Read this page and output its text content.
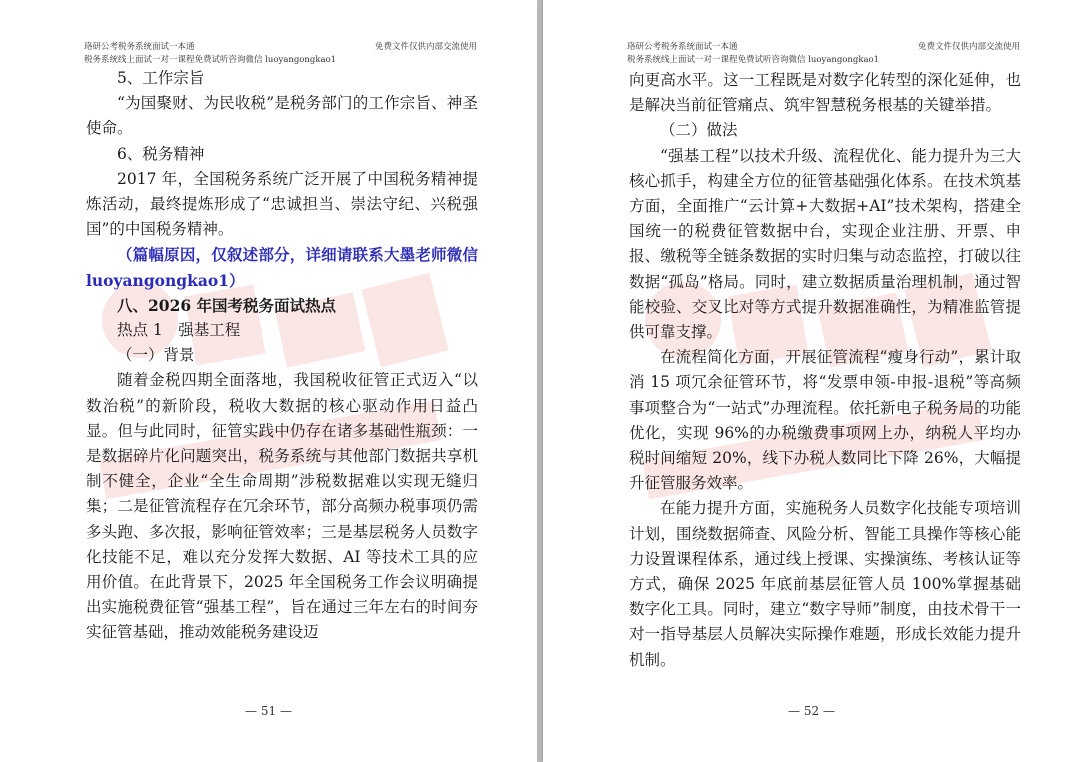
珞研公考税务系统面试一本通	免费文件仅供内部交流使用
税务系统线上面试一对一课程免费试听咨询微信 luoyangongkao1

5、工作宗旨

“为国聚财、为民收税”是税务部门的工作宗旨、神圣使命。

6、税务精神

2017 年，全国税务系统广泛开展了中国税务精神提炼活动，最终提炼形成了“忠诚担当、崇法守纪、兴税强国”的中国税务精神。

（篇幅原因，仅叙述部分，详细请联系大墨老师微信 luoyangongkao1）

八、2026 年国考税务面试热点

热点 1　强基工程

（一）背景

随着金税四期全面落地，我国税收征管正式迈入“以数治税”的新阶段，税收大数据的核心驱动作用日益凸显。但与此同时，征管实践中仍存在诸多基础性瓶颈：一是数据碎片化问题突出，税务系统与其他部门数据共享机制不健全，企业“全生命周期”涉税数据难以实现无缝归集；二是征管流程存在冗余环节，部分高频办税事项仍需多头跑、多次报，影响征管效率；三是基层税务人员数字化技能不足，难以充分发挥大数据、AI 等技术工具的应用价值。在此背景下，2025 年全国税务工作会议明确提出实施税费征管“强基工程”，旨在通过三年左右的时间夯实征管基础，推动效能税务建设迈

— 51 —
珞研公考税务系统面试一本通	免费文件仅供内部交流使用
税务系统线上面试一对一课程免费试听咨询微信 luoyangongkao1

向更高水平。这一工程既是对数字化转型的深化延伸，也是解决当前征管痛点、筑牢智慧税务根基的关键举措。

（二）做法

“强基工程”以技术升级、流程优化、能力提升为三大核心抓手，构建全方位的征管基础强化体系。在技术筑基方面，全面推广“云计算+大数据+AI”技术架构，搭建全国统一的税费征管数据中台，实现企业注册、开票、申报、缴税等全链条数据的实时归集与动态监控，打破以往数据“孤岛”格局。同时，建立数据质量治理机制，通过智能校验、交叉比对等方式提升数据准确性，为精准监管提供可靠支撑。

在流程简化方面，开展征管流程“瘦身行动”，累计取消 15 项冗余征管环节，将“发票申领-申报-退税”等高频事项整合为“一站式”办理流程。依托新电子税务局的功能优化，实现 96%的办税缴费事项网上办，纳税人平均办税时间缩短 20%，线下办税人数同比下降 26%，大幅提升征管服务效率。

在能力提升方面，实施税务人员数字化技能专项培训计划，围绕数据筛查、风险分析、智能工具操作等核心能力设置课程体系，通过线上授课、实操演练、考核认证等方式，确保 2025 年底前基层征管人员 100%掌握基础数字化工具。同时，建立“数字导师”制度，由技术骨干一对一指导基层人员解决实际操作难题，形成长效能力提升机制。

— 52 —
